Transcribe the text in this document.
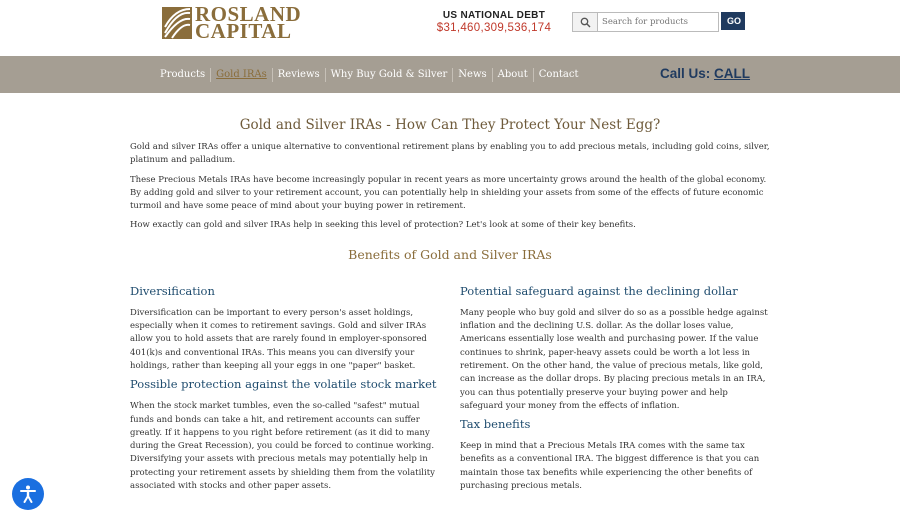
ROSLAND
CAPITAL
US NATIONAL DEBT
$31,460,309,536,174
Search for products
GO
Products	Gold IRAs	Reviews	Why Buy Gold & Silver	News	About	Contact	Call Us: CALL
Gold and Silver IRAs - How Can They Protect Your Nest Egg?

Gold and silver IRAs offer a unique alternative to conventional retirement plans by enabling you to add precious metals, including gold coins, silver, platinum and palladium.

These Precious Metals IRAs have become increasingly popular in recent years as more uncertainty grows around the health of the global economy. By adding gold and silver to your retirement account, you can potentially help in shielding your assets from some of the effects of future economic turmoil and have some peace of mind about your buying power in retirement.

How exactly can gold and silver IRAs help in seeking this level of protection? Let's look at some of their key benefits.

Benefits of Gold and Silver IRAs
Diversification

Diversification can be important to every person's asset holdings, especially when it comes to retirement savings. Gold and silver IRAs allow you to hold assets that are rarely found in employer-sponsored 401(k)s and conventional IRAs. This means you can diversify your holdings, rather than keeping all your eggs in one "paper" basket.

Possible protection against the volatile stock market

When the stock market tumbles, even the so-called "safest" mutual funds and bonds can take a hit, and retirement accounts can suffer greatly. If it happens to you right before retirement (as it did to many during the Great Recession), you could be forced to continue working. Diversifying your assets with precious metals may potentially help in protecting your retirement assets by shielding them from the volatility associated with stocks and other paper assets.

Potential safeguard against the declining dollar

Many people who buy gold and silver do so as a possible hedge against inflation and the declining U.S. dollar. As the dollar loses value, Americans essentially lose wealth and purchasing power. If the value continues to shrink, paper-heavy assets could be worth a lot less in retirement. On the other hand, the value of precious metals, like gold, can increase as the dollar drops. By placing precious metals in an IRA, you can thus potentially preserve your buying power and help safeguard your money from the effects of inflation.

Tax benefits

Keep in mind that a Precious Metals IRA comes with the same tax benefits as a conventional IRA. The biggest difference is that you can maintain those tax benefits while experiencing the other benefits of purchasing precious metals.
